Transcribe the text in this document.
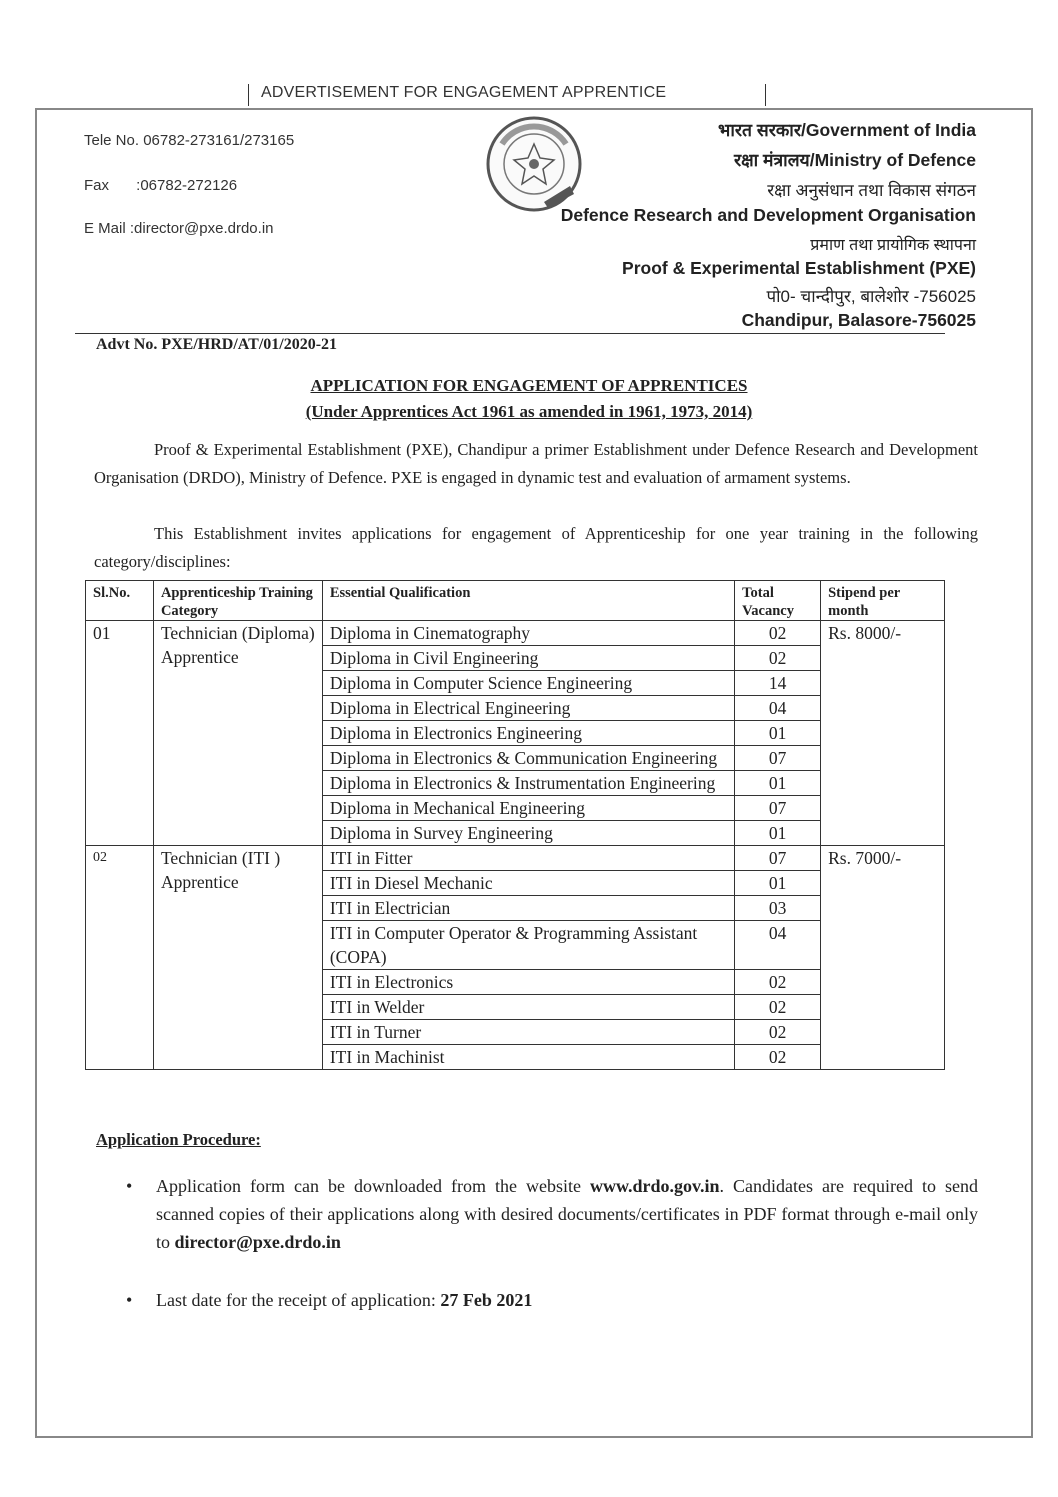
ADVERTISEMENT FOR ENGAGEMENT APPRENTICE
Tele No. 06782-273161/273165
Fax :06782-272126
E Mail :director@pxe.drdo.in
भारत सरकार/Government of India
रक्षा मंत्रालय/Ministry of Defence
रक्षा अनुसंधान तथा विकास संगठन
Defence Research and Development Organisation
प्रमाण तथा प्रायोगिक स्थापना
Proof & Experimental Establishment (PXE)
पो0- चान्दीपुर, बालेशोर -756025
Chandipur, Balasore-756025
Advt No. PXE/HRD/AT/01/2020-21
APPLICATION FOR ENGAGEMENT OF APPRENTICES
(Under Apprentices Act 1961 as amended in 1961, 1973, 2014)
Proof & Experimental Establishment (PXE), Chandipur a primer Establishment under Defence Research and Development Organisation (DRDO), Ministry of Defence. PXE is engaged in dynamic test and evaluation of armament systems.
This Establishment invites applications for engagement of Apprenticeship for one year training in the following category/disciplines:
Sl.No.	Apprenticeship Training Category	Essential Qualification	Total Vacancy	Stipend per month
01	Technician (Diploma) Apprentice	Diploma in Cinematography	02	Rs. 8000/-
		Diploma in Civil Engineering	02	
		Diploma in Computer Science Engineering	14	
		Diploma in Electrical Engineering	04	
		Diploma in Electronics Engineering	01	
		Diploma in Electronics & Communication Engineering	07	
		Diploma in Electronics & Instrumentation Engineering	01	
		Diploma in Mechanical Engineering	07	
		Diploma in Survey Engineering	01	
02	Technician (ITI ) Apprentice	ITI in Fitter	07	Rs. 7000/-
		ITI in Diesel Mechanic	01	
		ITI in Electrician	03	
		ITI in Computer Operator & Programming Assistant (COPA)	04	
		ITI in Electronics	02	
		ITI in Welder	02	
		ITI in Turner	02	
		ITI in Machinist	02	
Application Procedure:
• Application form can be downloaded from the website www.drdo.gov.in. Candidates are required to send scanned copies of their applications along with desired documents/certificates in PDF format through e-mail only to director@pxe.drdo.in
• Last date for the receipt of application: 27 Feb 2021
